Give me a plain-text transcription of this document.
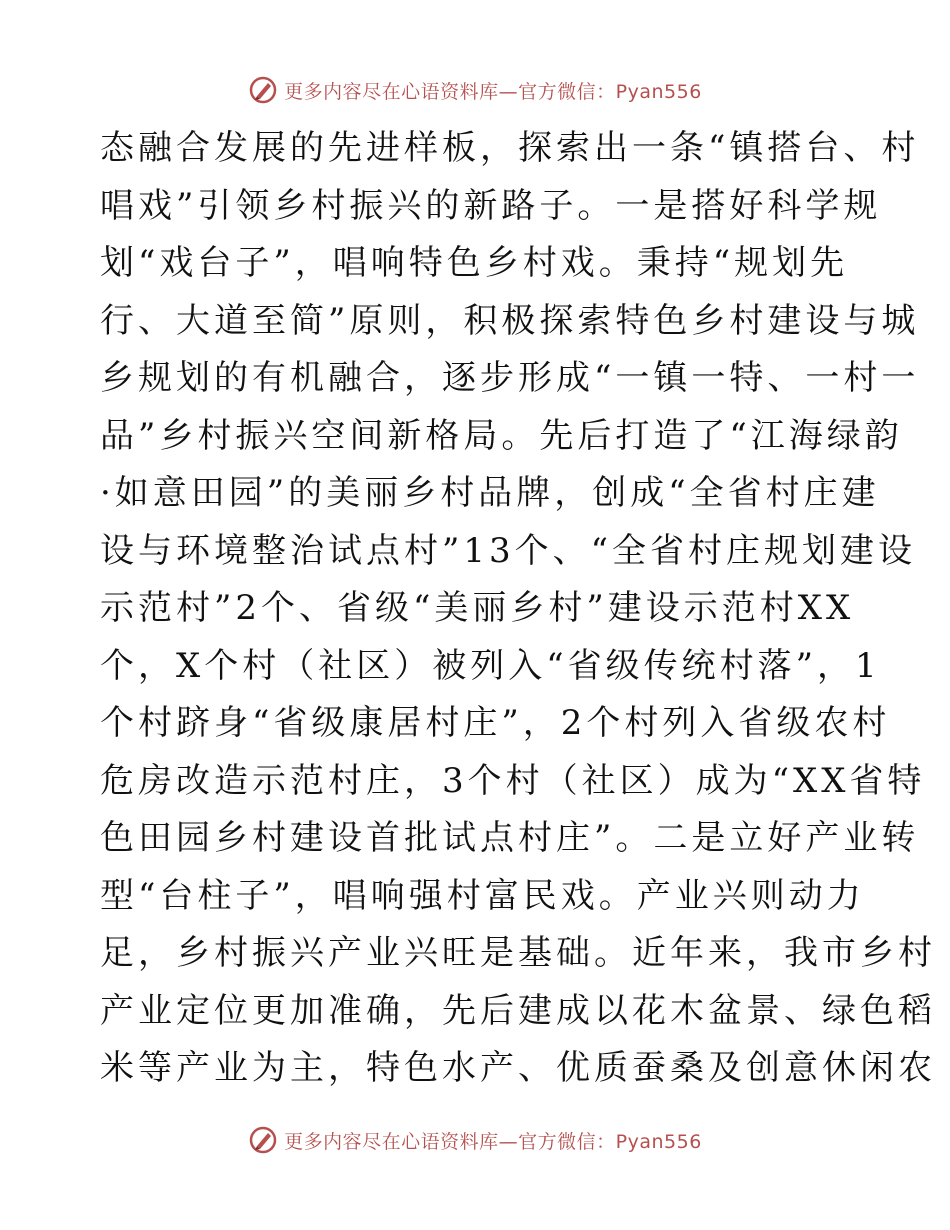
更多内容尽在心语资料库—官方微信：Pyan556
态融合发展的先进样板，探索出一条“镇搭台、村
唱戏”引领乡村振兴的新路子。一是搭好科学规
划“戏台子”，唱响特色乡村戏。秉持“规划先
行、大道至简”原则，积极探索特色乡村建设与城
乡规划的有机融合，逐步形成“一镇一特、一村一
品”乡村振兴空间新格局。先后打造了“江海绿韵
·如意田园”的美丽乡村品牌，创成“全省村庄建
设与环境整治试点村”13个、“全省村庄规划建设
示范村”2个、省级“美丽乡村”建设示范村XX
个，X个村（社区）被列入“省级传统村落”，1
个村跻身“省级康居村庄”，2个村列入省级农村
危房改造示范村庄，3个村（社区）成为“XX省特
色田园乡村建设首批试点村庄”。二是立好产业转
型“台柱子”，唱响强村富民戏。产业兴则动力
足，乡村振兴产业兴旺是基础。近年来，我市乡村
产业定位更加准确，先后建成以花木盆景、绿色稻
米等产业为主，特色水产、优质蚕桑及创意休闲农
更多内容尽在心语资料库—官方微信：Pyan556
